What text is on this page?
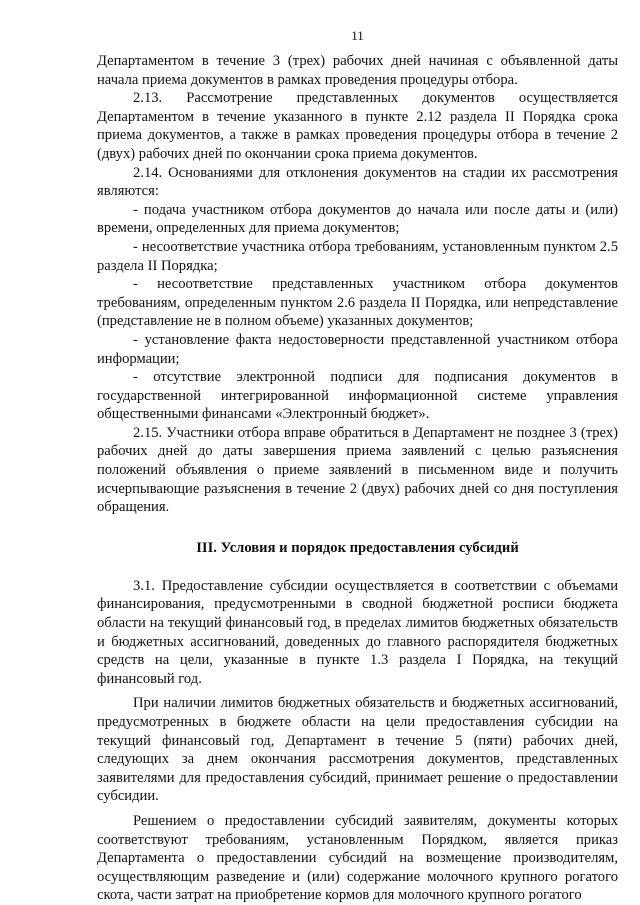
11

Департаментом в течение 3 (трех) рабочих дней начиная с объявленной даты начала приема документов в рамках проведения процедуры отбора.

2.13. Рассмотрение представленных документов осуществляется Департаментом в течение указанного в пункте 2.12 раздела II Порядка срока приема документов, а также в рамках проведения процедуры отбора в течение 2 (двух) рабочих дней по окончании срока приема документов.

2.14. Основаниями для отклонения документов на стадии их рассмотрения являются:

- подача участником отбора документов до начала или после даты и (или) времени, определенных для приема документов;

- несоответствие участника отбора требованиям, установленным пунктом 2.5 раздела II Порядка;

- несоответствие представленных участником отбора документов требованиям, определенным пунктом 2.6 раздела II Порядка, или непредставление (представление не в полном объеме) указанных документов;

- установление факта недостоверности представленной участником отбора информации;

- отсутствие электронной подписи для подписания документов в государственной интегрированной информационной системе управления общественными финансами «Электронный бюджет».

2.15. Участники отбора вправе обратиться в Департамент не позднее 3 (трех) рабочих дней до даты завершения приема заявлений с целью разъяснения положений объявления о приеме заявлений в письменном виде и получить исчерпывающие разъяснения в течение 2 (двух) рабочих дней со дня поступления обращения.

III. Условия и порядок предоставления субсидий

3.1. Предоставление субсидии осуществляется в соответствии с объемами финансирования, предусмотренными в сводной бюджетной росписи бюджета области на текущий финансовый год, в пределах лимитов бюджетных обязательств и бюджетных ассигнований, доведенных до главного распорядителя бюджетных средств на цели, указанные в пункте 1.3 раздела I Порядка, на текущий финансовый год.

При наличии лимитов бюджетных обязательств и бюджетных ассигнований, предусмотренных в бюджете области на цели предоставления субсидии на текущий финансовый год, Департамент в течение 5 (пяти) рабочих дней, следующих за днем окончания рассмотрения документов, представленных заявителями для предоставления субсидий, принимает решение о предоставлении субсидии.

Решением о предоставлении субсидий заявителям, документы которых соответствуют требованиям, установленным Порядком, является приказ Департамента о предоставлении субсидий на возмещение производителям, осуществляющим разведение и (или) содержание молочного крупного рогатого скота, части затрат на приобретение кормов для молочного крупного рогатого
